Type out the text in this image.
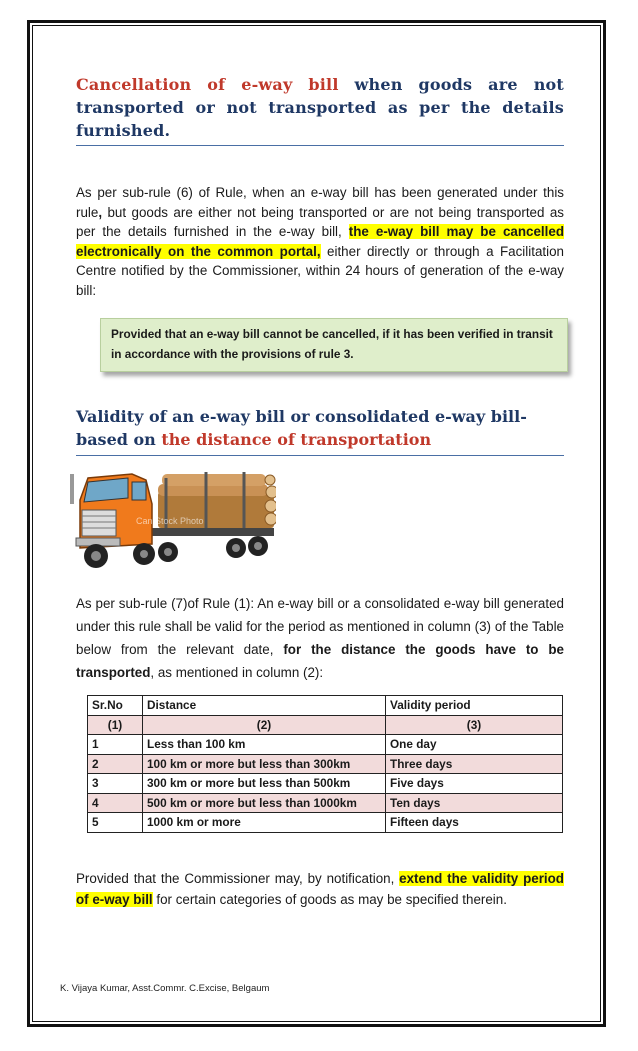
Cancellation of e-way bill when goods are not transported or not transported as per the details furnished.
As per sub-rule (6) of Rule, when an e-way bill has been generated under this rule, but goods are either not being transported or are not being transported as per the details furnished in the e-way bill, the e-way bill may be cancelled electronically on the common portal, either directly or through a Facilitation Centre notified by the Commissioner, within 24 hours of generation of the e-way bill:
Provided that an e-way bill cannot be cancelled, if it has been verified in transit in accordance with the provisions of rule 3.
Validity of an e-way bill or consolidated e-way bill-based on the distance of transportation
Can Stock Photo
As per sub-rule (7)of Rule (1): An e-way bill or a consolidated e-way bill generated under this rule shall be valid for the period as mentioned in column (3) of the Table below from the relevant date, for the distance the goods have to be transported, as mentioned in column (2):
Sr.No	Distance	Validity period
(1)	(2)	(3)
1	Less than 100 km	One day
2	100 km or more but less than 300km	Three days
3	300 km or more but less than 500km	Five days
4	500 km or more but less than 1000km	Ten days
5	1000 km or more	Fifteen days
Provided that the Commissioner may, by notification, extend the validity period of e-way bill for certain categories of goods as may be specified therein.
K. Vijaya Kumar, Asst.Commr. C.Excise, Belgaum
